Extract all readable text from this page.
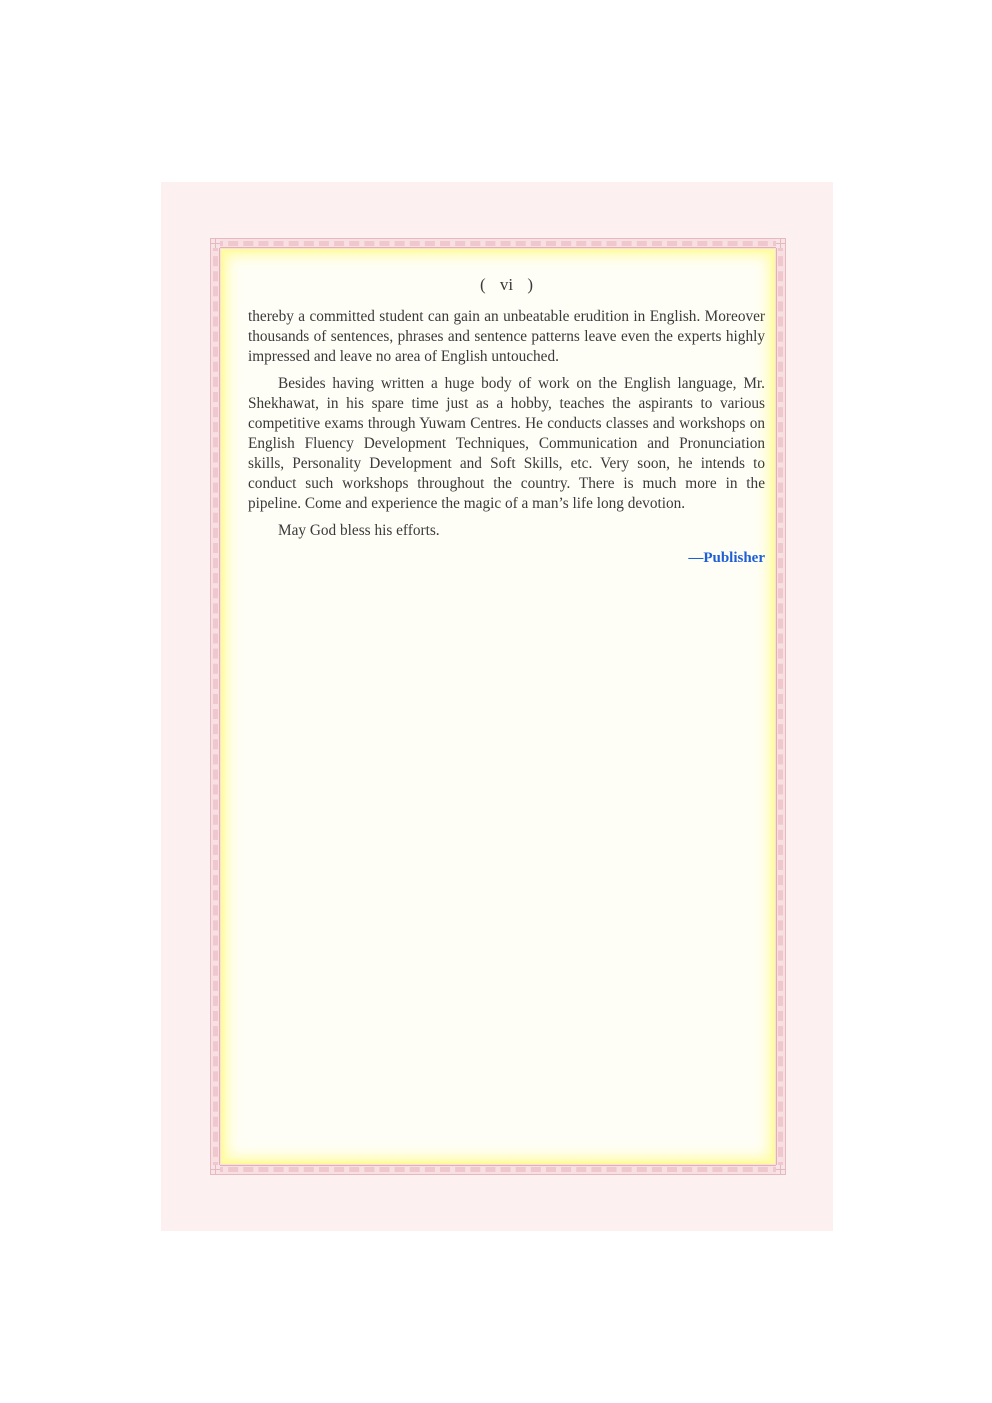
( vi )

thereby a committed student can gain an unbeatable erudition in English. Moreover thousands of sentences, phrases and sentence patterns leave even the experts highly impressed and leave no area of English untouched.

Besides having written a huge body of work on the English language, Mr. Shekhawat, in his spare time just as a hobby, teaches the aspirants to various competitive exams through Yuwam Centres. He conducts classes and workshops on English Fluency Development Techniques, Communication and Pronunciation skills, Personality Development and Soft Skills, etc. Very soon, he intends to conduct such workshops throughout the country. There is much more in the pipeline. Come and experience the magic of a man’s life long devotion.

May God bless his efforts.

—Publisher
